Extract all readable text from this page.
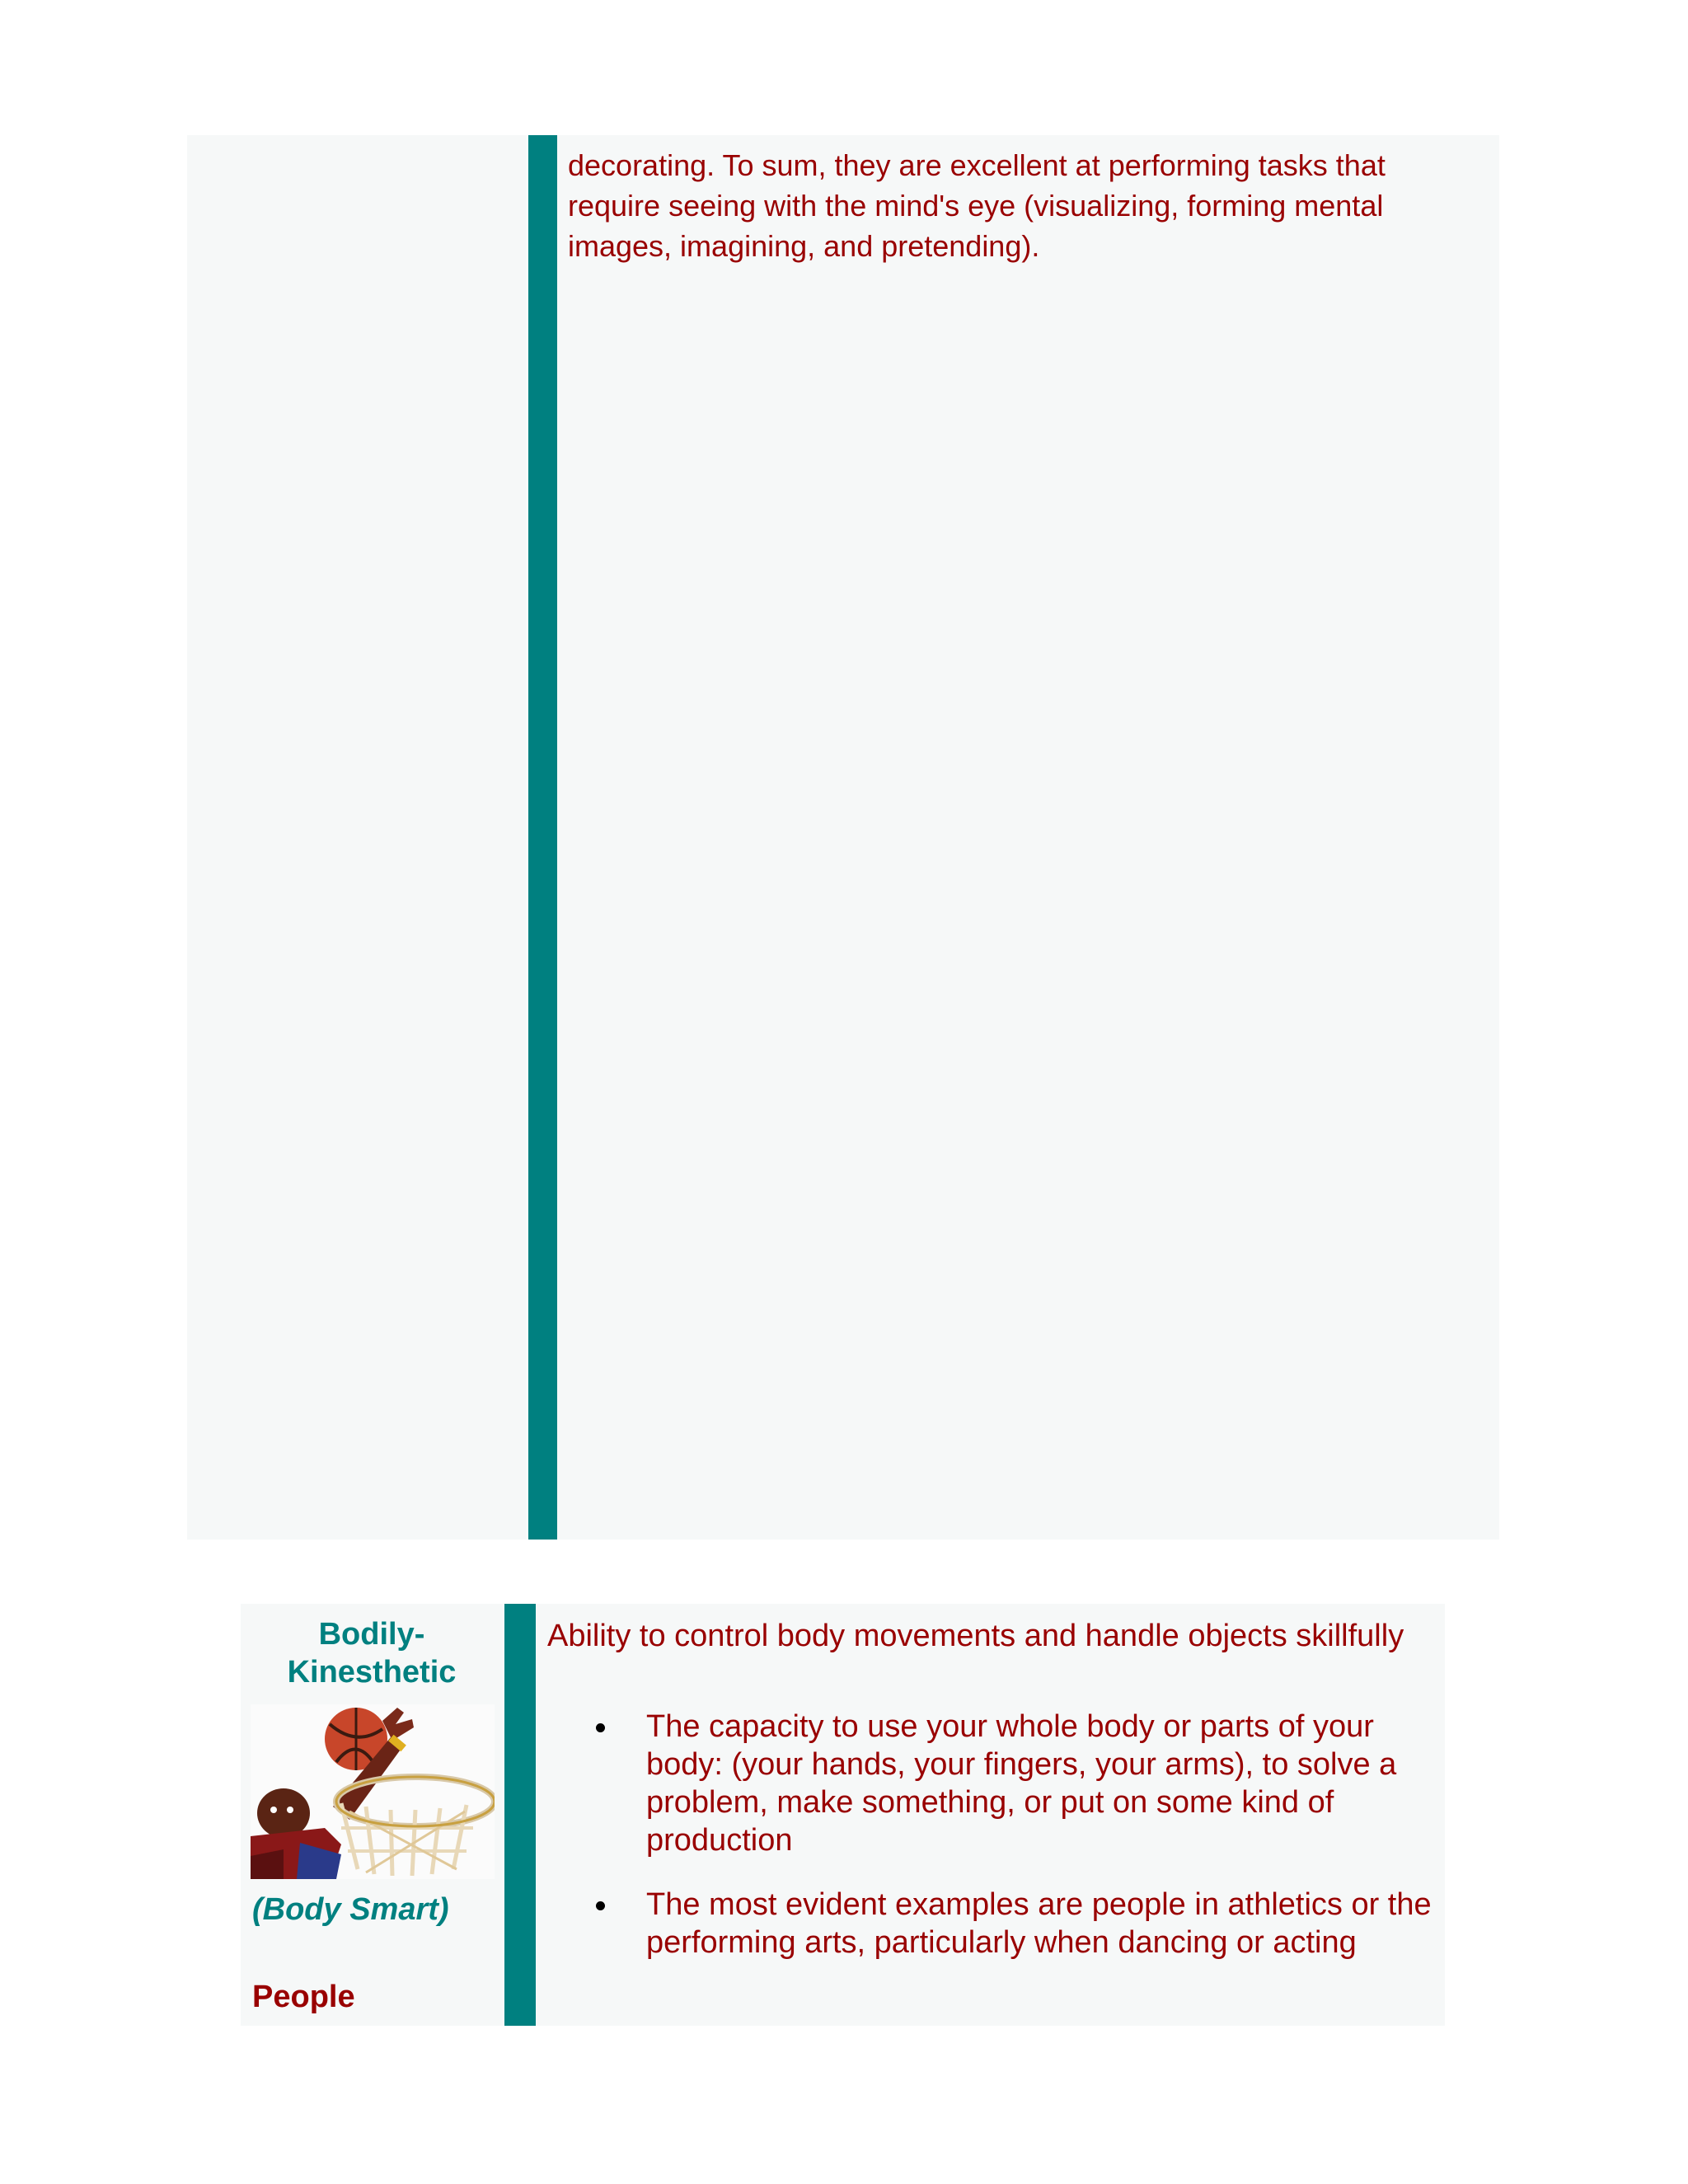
decorating. To sum, they are excellent at performing tasks that require seeing with the mind's eye (visualizing, forming mental images, imagining, and pretending).

Bodily-
Kinesthetic
(Body Smart)
People

Ability to control body movements and handle objects skillfully

The capacity to use your whole body or parts of your body: (your hands, your fingers, your arms), to solve a problem, make something, or put on some kind of production
The most evident examples are people in athletics or the performing arts, particularly when dancing or acting
